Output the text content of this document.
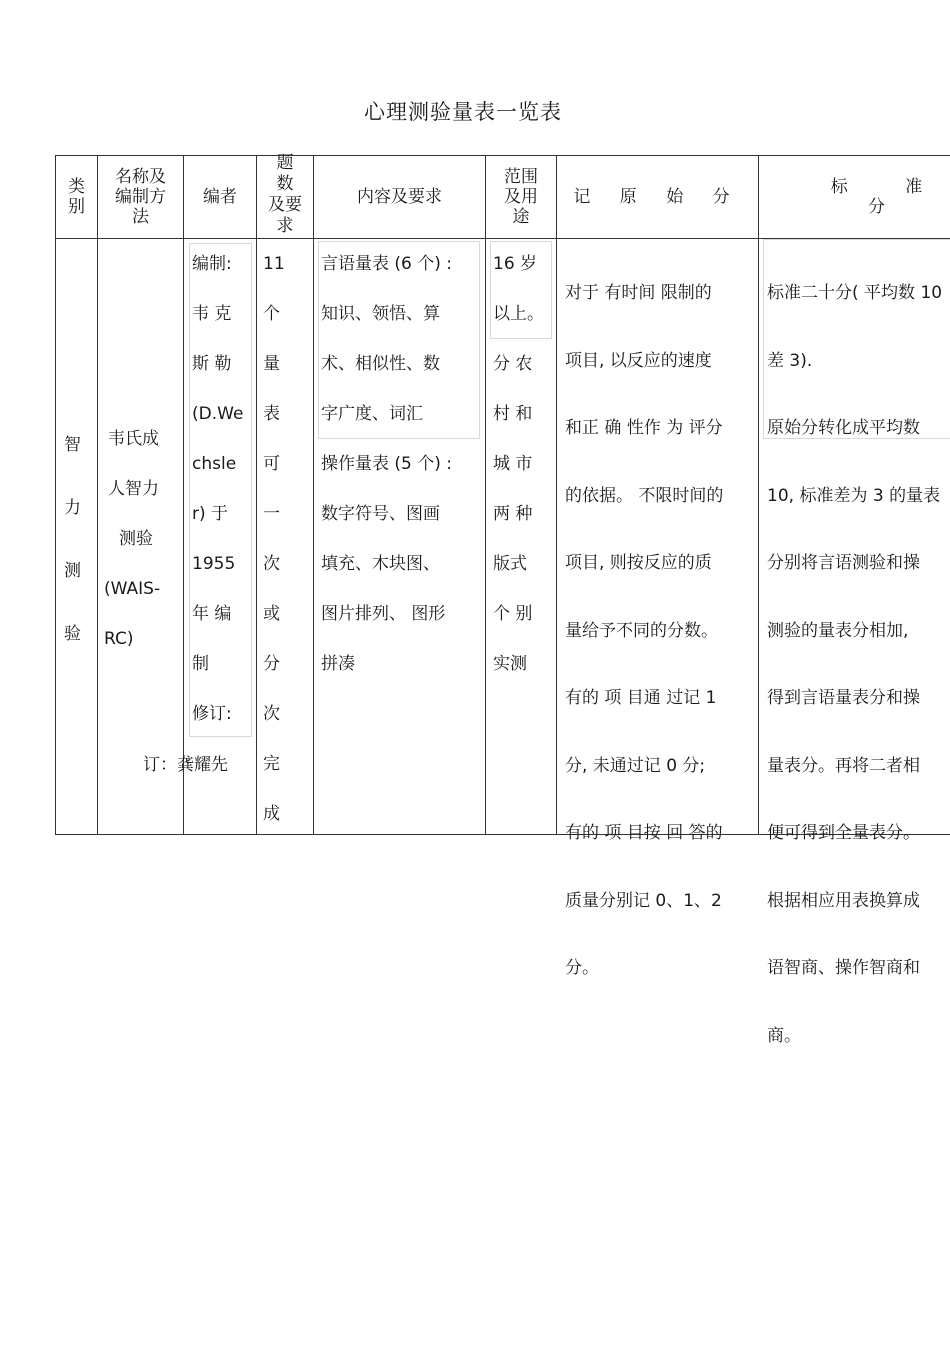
心理测验量表一览表
类
别
名称及
编制方
法
编者
题
数
及要
求
内容及要求
范围
及用
途
记 原 始 分	标 准 分
智
力
测
验
韦氏成
人智力
测验
(WAIS-
RC)
编制:
韦 克
斯 勒
(D.We
chsle
r) 于
1955
年 编
制
修订:
订：龚耀先
11
个
量
表
可
一
次
或
分
次
完
成
言语量表 (6 个) :
知识、领悟、算
术、相似性、数
字广度、词汇
操作量表 (5 个) :
数字符号、图画
填充、木块图、
图片排列、 图形
拼凑
16 岁
以上。
分 农
村 和
城 市
两 种
版式
个 别
实测

对于 有时间 限制的

项目, 以反应的速度

和正 确 性作 为 评分

的依据。 不限时间的

项目, 则按反应的质

量给予不同的分数。

有的 项 目通 过记 1

分, 未通过记 0 分;

有的 项 目按 回 答的

质量分别记 0、1、2

分。

标准二十分( 平均数 10

差 3).

原始分转化成平均数

10, 标准差为 3 的量表

分别将言语测验和操

测验的量表分相加,

得到言语量表分和操

量表分。再将二者相

便可得到全量表分。

根据相应用表换算成

语智商、操作智商和

商。
